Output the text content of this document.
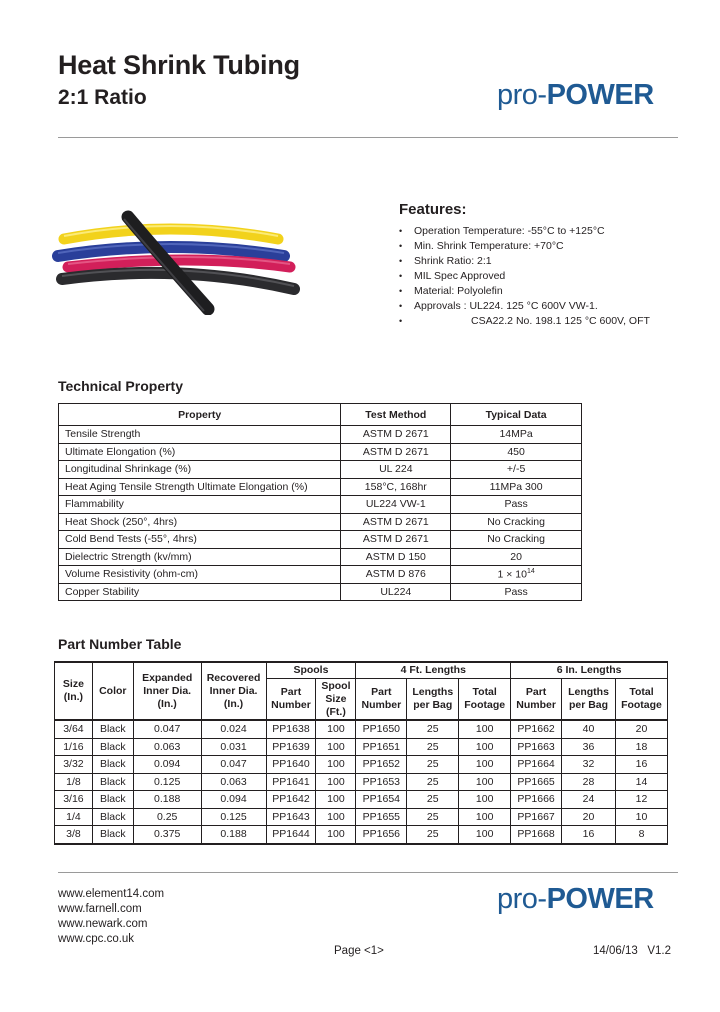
Heat Shrink Tubing
2:1 Ratio	pro-POWER
Features:
• Operation Temperature: -55°C to +125°C
• Min. Shrink Temperature: +70°C
• Shrink Ratio: 2:1
• MIL Spec Approved
• Material: Polyolefin
• Approvals : UL224. 125 °C 600V VW-1.
• CSA22.2 No. 198.1 125 °C 600V, OFT
Technical Property
Property	Test Method	Typical Data
Tensile Strength	ASTM D 2671	14MPa
Ultimate Elongation (%)	ASTM D 2671	450
Longitudinal Shrinkage (%)	UL 224	+/-5
Heat Aging Tensile Strength Ultimate Elongation (%)	158°C, 168hr	11MPa 300
Flammability	UL224 VW-1	Pass
Heat Shock (250°, 4hrs)	ASTM D 2671	No Cracking
Cold Bend Tests (-55°, 4hrs)	ASTM D 2671	No Cracking
Dielectric Strength (kv/mm)	ASTM D 150	20
Volume Resistivity (ohm-cm)	ASTM D 876	$1 \times 10^{14}$
Copper Stability	UL224	Pass
Part Number Table
Size (In.)	Color	Expanded Inner Dia. (In.)	Recovered Inner Dia. (In.)	Spools		4 Ft. Lengths			6 In. Lengths		
				Part Number	Spool Size (Ft.)	Part Number	Lengths per Bag	Total Footage	Part Number	Lengths per Bag	Total Footage
3/64	Black	0.047	0.024	PP1638	100	PP1650	25	100	PP1662	40	20
1/16	Black	0.063	0.031	PP1639	100	PP1651	25	100	PP1663	36	18
3/32	Black	0.094	0.047	PP1640	100	PP1652	25	100	PP1664	32	16
1/8	Black	0.125	0.063	PP1641	100	PP1653	25	100	PP1665	28	14
3/16	Black	0.188	0.094	PP1642	100	PP1654	25	100	PP1666	24	12
1/4	Black	0.25	0.125	PP1643	100	PP1655	25	100	PP1667	20	10
3/8	Black	0.375	0.188	PP1644	100	PP1656	25	100	PP1668	16	8
www.element14.com
www.farnell.com
www.newark.com
www.cpc.co.uk
pro-POWER
Page <1>	14/06/13   V1.2
